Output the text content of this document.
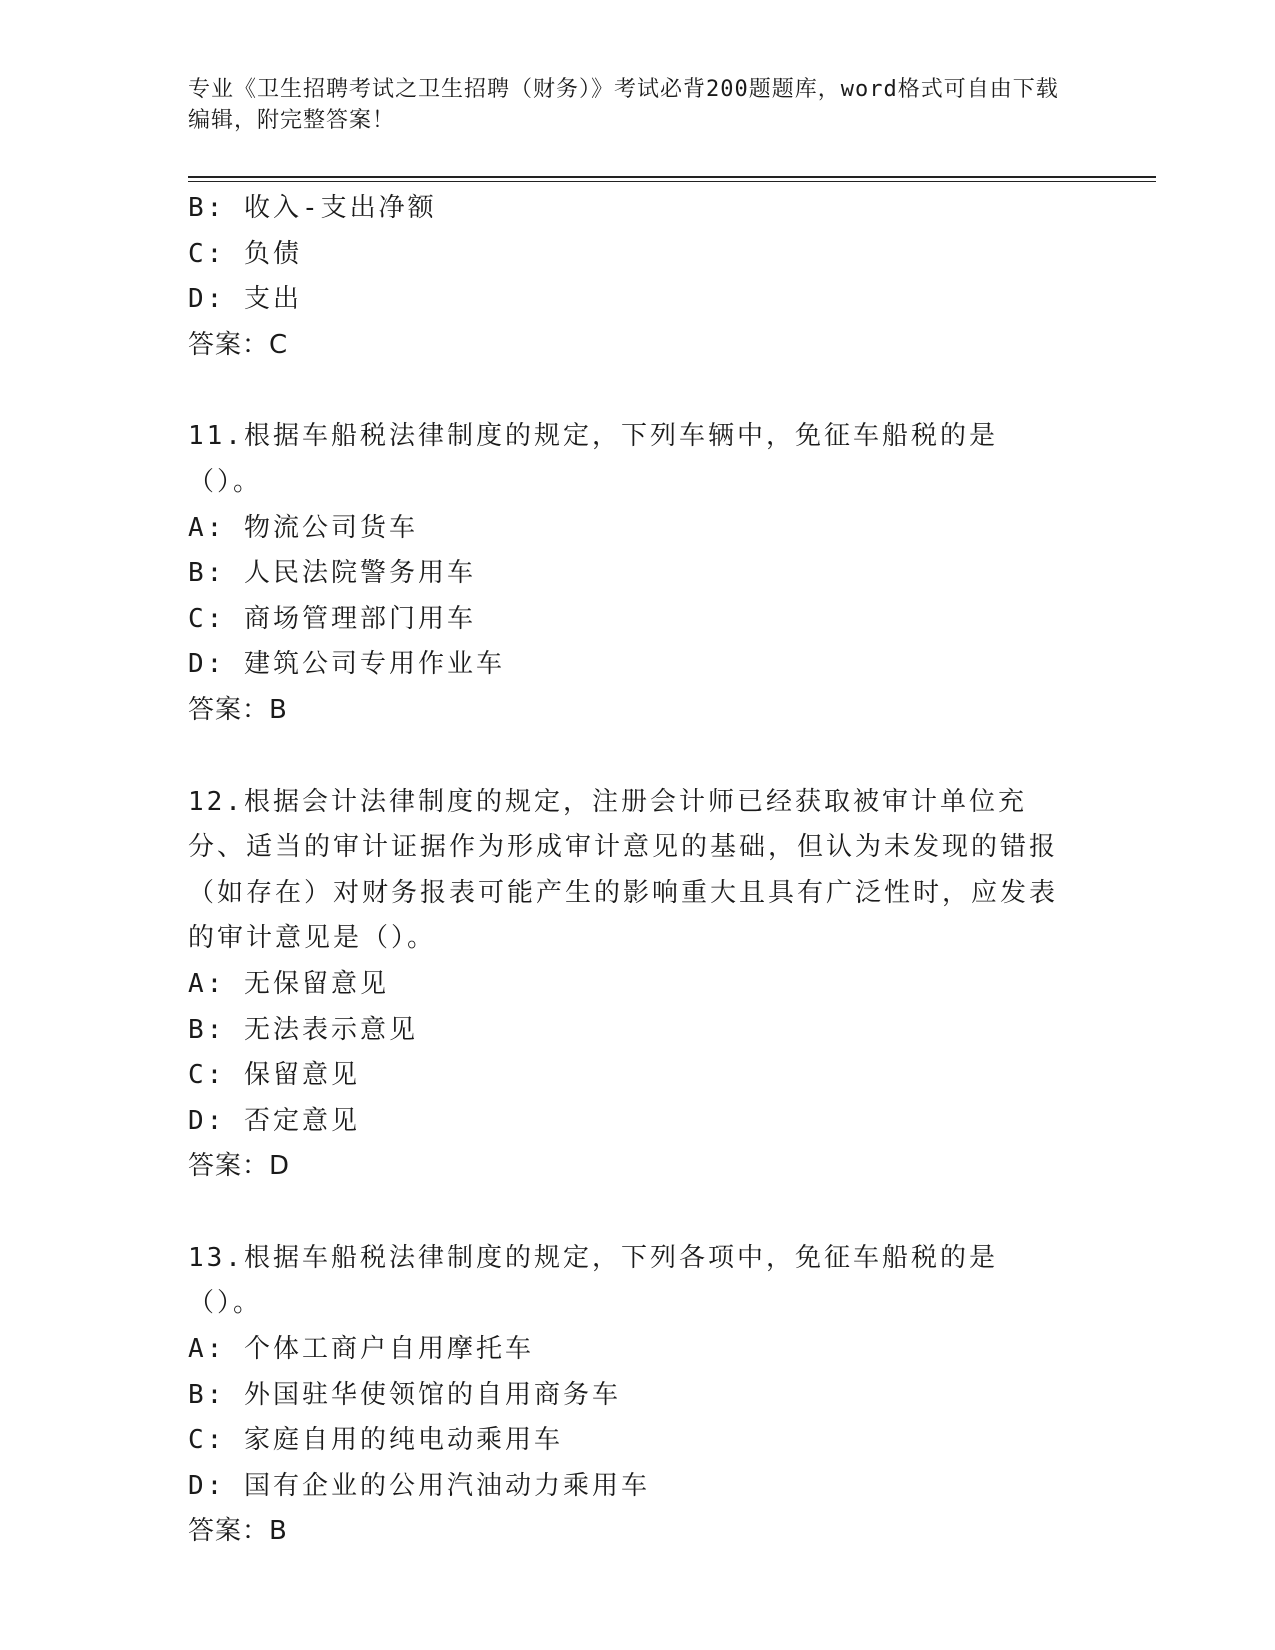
专业《卫生招聘考试之卫生招聘（财务）》考试必背200题题库，word格式可自由下载编辑，附完整答案！
B: 收入-支出净额
C: 负债
D: 支出
答案：C
11.根据车船税法律制度的规定，下列车辆中，免征车船税的是（）。
A: 物流公司货车
B: 人民法院警务用车
C: 商场管理部门用车
D: 建筑公司专用作业车
答案：B
12.根据会计法律制度的规定，注册会计师已经获取被审计单位充分、适当的审计证据作为形成审计意见的基础，但认为未发现的错报（如存在）对财务报表可能产生的影响重大且具有广泛性时，应发表的审计意见是（）。
A: 无保留意见
B: 无法表示意见
C: 保留意见
D: 否定意见
答案：D
13.根据车船税法律制度的规定，下列各项中，免征车船税的是（）。
A: 个体工商户自用摩托车
B: 外国驻华使领馆的自用商务车
C: 家庭自用的纯电动乘用车
D: 国有企业的公用汽油动力乘用车
答案：B
